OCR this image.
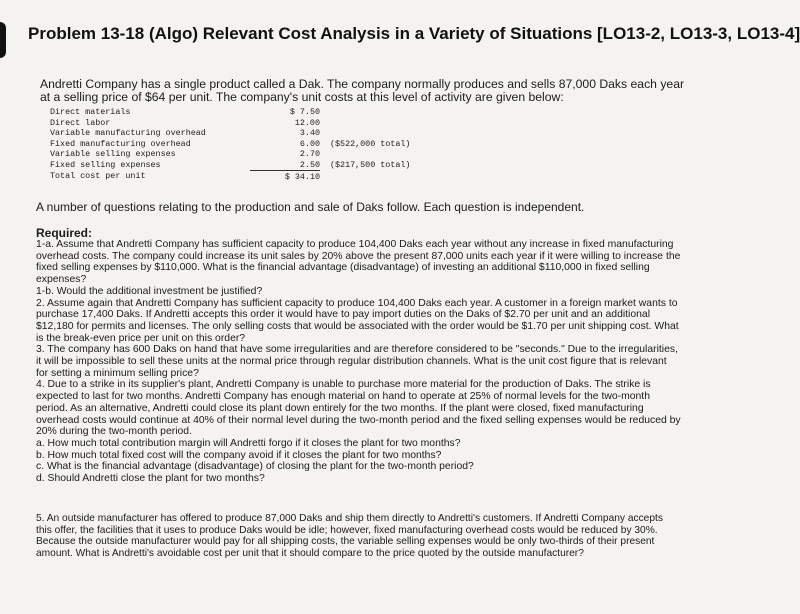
Problem 13-18 (Algo) Relevant Cost Analysis in a Variety of Situations [LO13-2, LO13-3, LO13-4]
Andretti Company has a single product called a Dak. The company normally produces and sells 87,000 Daks each year at a selling price of $64 per unit. The company's unit costs at this level of activity are given below:
Direct materials	$ 7.50	
Direct labor	12.00	
Variable manufacturing overhead	3.40	
Fixed manufacturing overhead	6.00	($522,000 total)
Variable selling expenses	2.70	
Fixed selling expenses	2.50	($217,500 total)
Total cost per unit	$ 34.10	
A number of questions relating to the production and sale of Daks follow. Each question is independent.
Required:

1-a. Assume that Andretti Company has sufficient capacity to produce 104,400 Daks each year without any increase in fixed manufacturing overhead costs. The company could increase its unit sales by 20% above the present 87,000 units each year if it were willing to increase the fixed selling expenses by $110,000. What is the financial advantage (disadvantage) of investing an additional $110,000 in fixed selling expenses?

1-b. Would the additional investment be justified?

2. Assume again that Andretti Company has sufficient capacity to produce 104,400 Daks each year. A customer in a foreign market wants to purchase 17,400 Daks. If Andretti accepts this order it would have to pay import duties on the Daks of $2.70 per unit and an additional $12,180 for permits and licenses. The only selling costs that would be associated with the order would be $1.70 per unit shipping cost. What is the break-even price per unit on this order?

3. The company has 600 Daks on hand that have some irregularities and are therefore considered to be "seconds." Due to the irregularities, it will be impossible to sell these units at the normal price through regular distribution channels. What is the unit cost figure that is relevant for setting a minimum selling price?

4. Due to a strike in its supplier's plant, Andretti Company is unable to purchase more material for the production of Daks. The strike is expected to last for two months. Andretti Company has enough material on hand to operate at 25% of normal levels for the two-month period. As an alternative, Andretti could close its plant down entirely for the two months. If the plant were closed, fixed manufacturing overhead costs would continue at 40% of their normal level during the two-month period and the fixed selling expenses would be reduced by 20% during the two-month period.

a. How much total contribution margin will Andretti forgo if it closes the plant for two months?

b. How much total fixed cost will the company avoid if it closes the plant for two months?

c. What is the financial advantage (disadvantage) of closing the plant for the two-month period?

d. Should Andretti close the plant for two months?

5. An outside manufacturer has offered to produce 87,000 Daks and ship them directly to Andretti's customers. If Andretti Company accepts this offer, the facilities that it uses to produce Daks would be idle; however, fixed manufacturing overhead costs would be reduced by 30%. Because the outside manufacturer would pay for all shipping costs, the variable selling expenses would be only two-thirds of their present amount. What is Andretti's avoidable cost per unit that it should compare to the price quoted by the outside manufacturer?
